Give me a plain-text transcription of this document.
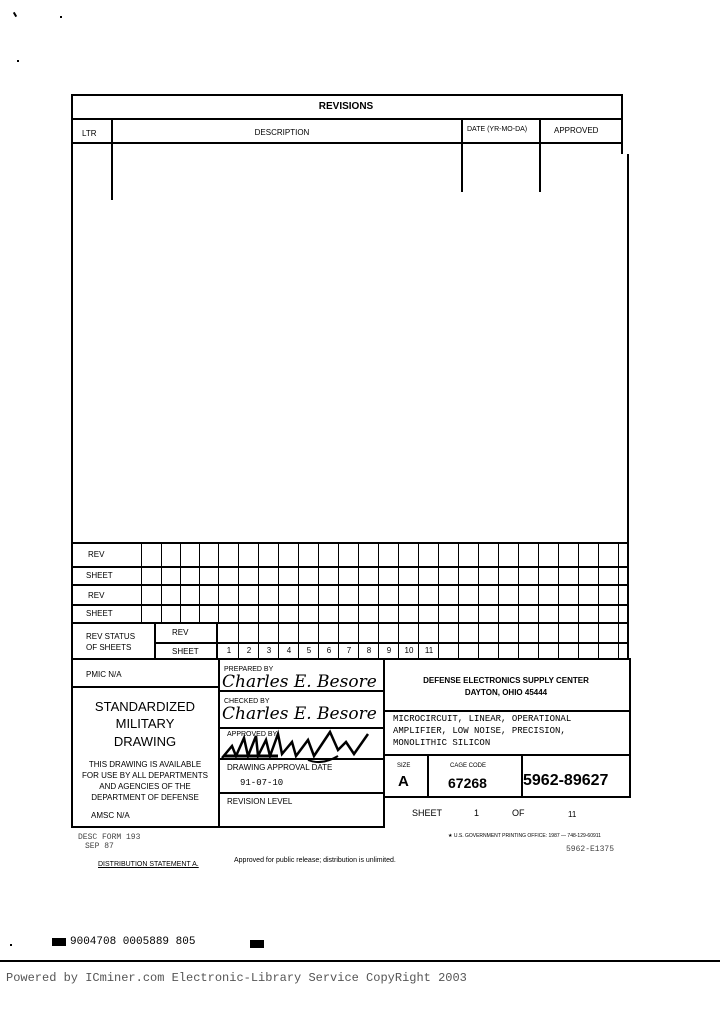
REVISIONS
LTR	DESCRIPTION	DATE (YR-MO-DA)	APPROVED
REV
SHEET
REV
SHEET
REV STATUS
OF SHEETS
REV
SHEET	1	2	3	4	5	6	7	8	9	10	11
PMIC N/A
STANDARDIZED
MILITARY
DRAWING
THIS DRAWING IS AVAILABLE
FOR USE BY ALL DEPARTMENTS
AND AGENCIES OF THE
DEPARTMENT OF DEFENSE
AMSC N/A
PREPARED BY
Charles E. Besore
CHECKED BY
Charles E. Besore
APPROVED BY
DRAWING APPROVAL DATE
91-07-10
REVISION LEVEL
DEFENSE ELECTRONICS SUPPLY CENTER
DAYTON, OHIO 45444
MICROCIRCUIT, LINEAR, OPERATIONAL
AMPLIFIER, LOW NOISE, PRECISION,
MONOLITHIC SILICON
SIZE
A
CAGE CODE
67268 5962-89627
SHEET	1	OF	11
DESC FORM 193
SEP 87
★ U.S. GOVERNMENT PRINTING OFFICE: 1987 — 748-129-60911
5962-E1375
DISTRIBUTION STATEMENT A.
Approved for public release; distribution is unlimited.
9004708 0005889 805
Powered by ICminer.com Electronic-Library Service CopyRight 2003
